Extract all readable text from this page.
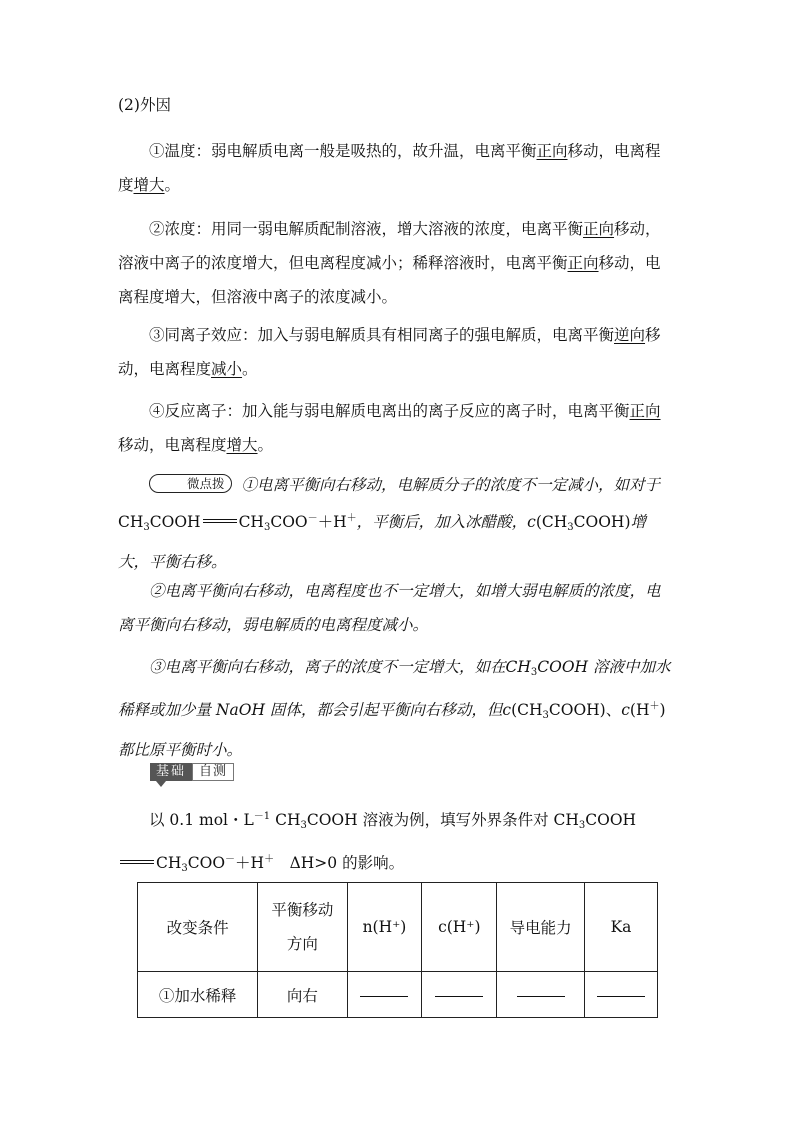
(2)外因

①温度：弱电解质电离一般是吸热的，故升温，电离平衡正向移动，电离程度增大。

②浓度：用同一弱电解质配制溶液，增大溶液的浓度，电离平衡正向移动，溶液中离子的浓度增大，但电离程度减小；稀释溶液时，电离平衡正向移动，电离程度增大，但溶液中离子的浓度减小。

③同离子效应：加入与弱电解质具有相同离子的强电解质，电离平衡逆向移动，电离程度减小。

④反应离子：加入能与弱电解质电离出的离子反应的离子时，电离平衡正向移动，电离程度增大。

微点拨 ①电离平衡向右移动，电解质分子的浓度不一定减小，如对于$CH_3COOH$ $CH_3COO^-+H^+$，平衡后，加入冰醋酸，$c(CH_3COOH)$增大，平衡右移。

②电离平衡向右移动，电离程度也不一定增大，如增大弱电解质的浓度，电离平衡向右移动，弱电解质的电离程度减小。

③电离平衡向右移动，离子的浓度不一定增大，如在$CH_3COOH$ 溶液中加水稀释或加少量 NaOH 固体，都会引起平衡向右移动，但$c(CH_3COOH)$、c(H＋)都比原平衡时小。

基础	自测

以 0.1 mol・$L^{-1}$ $CH_3COOH$ 溶液为例，填写外界条件对 $CH_3COOHCH_3COO^-+H^+$　ΔH>0 的影响。

改变条件	平衡移动方向	n(H⁺)	c(H⁺)	导电能力	Ka
①加水稀释	向右				
